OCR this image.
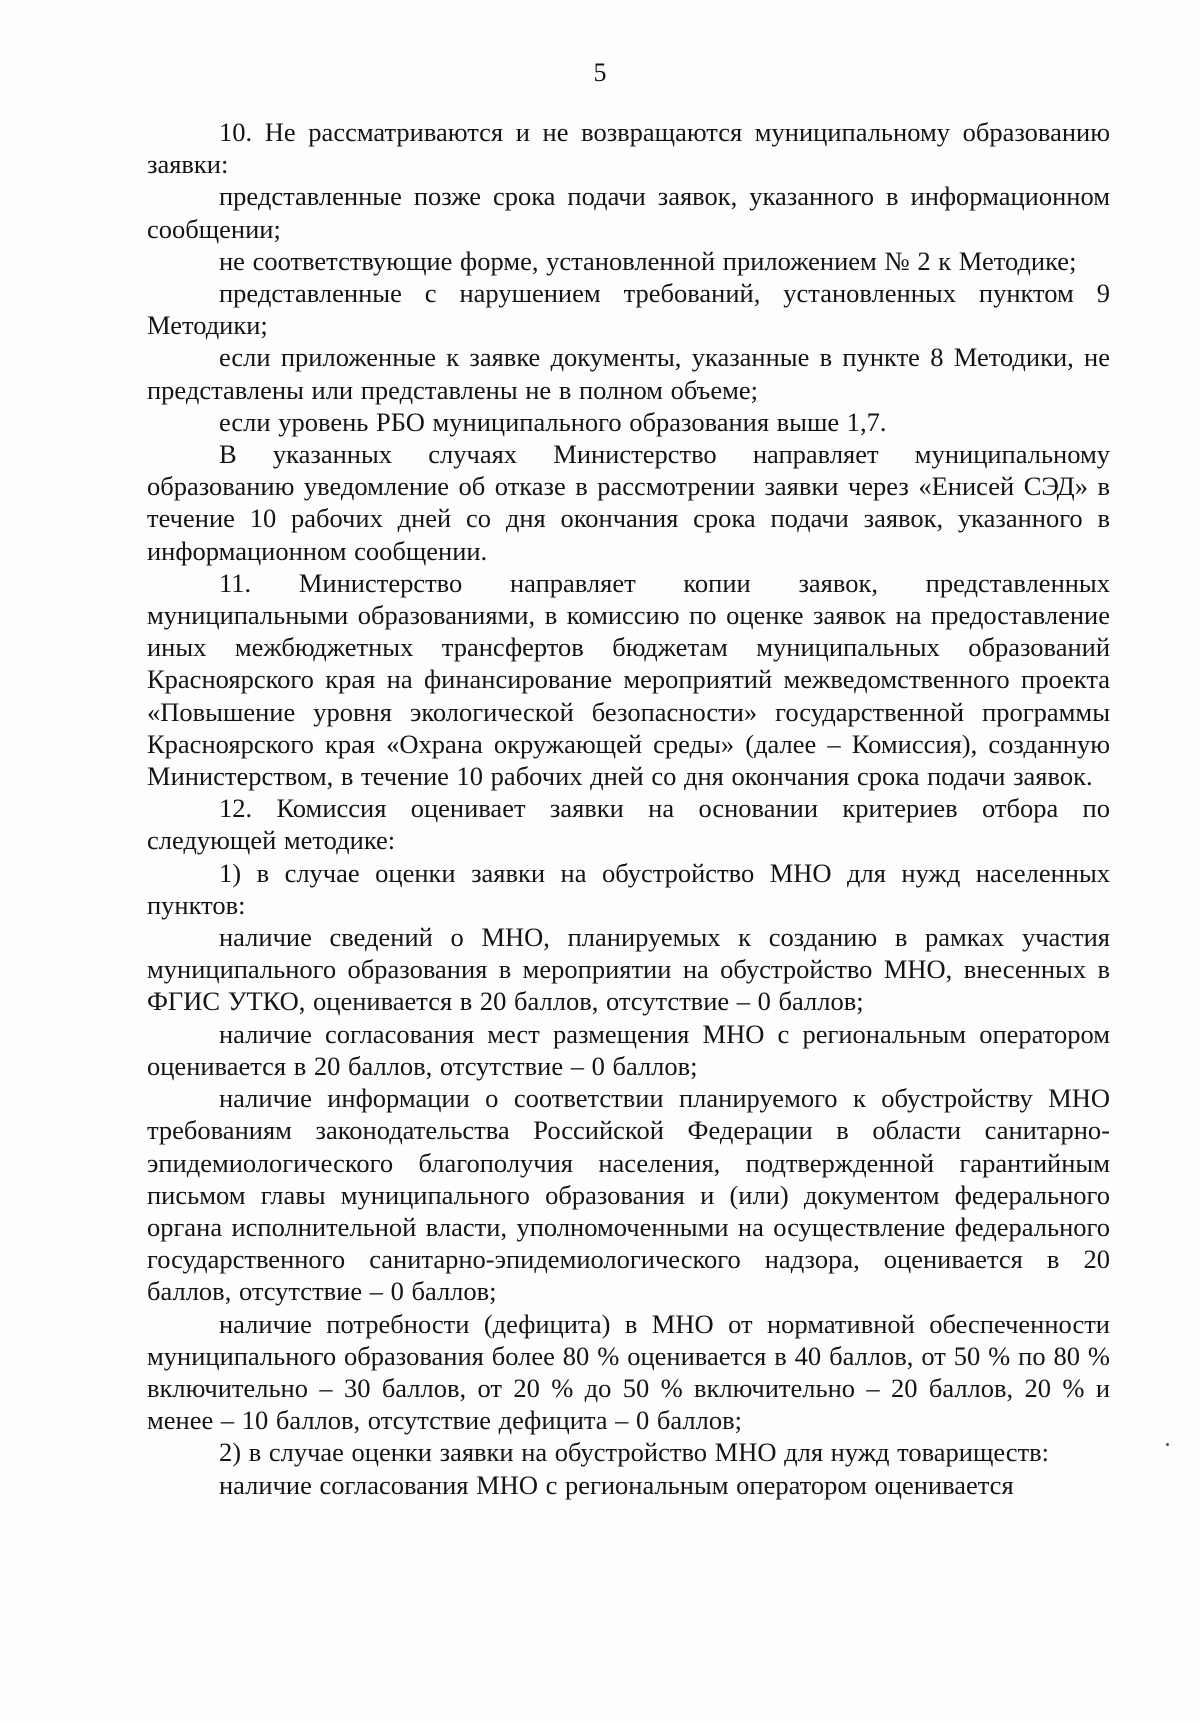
5

10. Не рассматриваются и не возвращаются муниципальному образованию заявки:

представленные позже срока подачи заявок, указанного в информационном сообщении;

не соответствующие форме, установленной приложением № 2 к Методике;

представленные с нарушением требований, установленных пунктом 9 Методики;

если приложенные к заявке документы, указанные в пункте 8 Методики, не представлены или представлены не в полном объеме;

если уровень РБО муниципального образования выше 1,7.

В указанных случаях Министерство направляет муниципальному образованию уведомление об отказе в рассмотрении заявки через «Енисей СЭД» в течение 10 рабочих дней со дня окончания срока подачи заявок, указанного в информационном сообщении.

11. Министерство направляет копии заявок, представленных муниципальными образованиями, в комиссию по оценке заявок на предоставление иных межбюджетных трансфертов бюджетам муниципальных образований Красноярского края на финансирование мероприятий межведомственного проекта «Повышение уровня экологической безопасности» государственной программы Красноярского края «Охрана окружающей среды» (далее – Комиссия), созданную Министерством, в течение 10 рабочих дней со дня окончания срока подачи заявок.

12. Комиссия оценивает заявки на основании критериев отбора по следующей методике:

1) в случае оценки заявки на обустройство МНО для нужд населенных пунктов:

наличие сведений о МНО, планируемых к созданию в рамках участия муниципального образования в мероприятии на обустройство МНО, внесенных в ФГИС УТКО, оценивается в 20 баллов, отсутствие – 0 баллов;

наличие согласования мест размещения МНО с региональным оператором оценивается в 20 баллов, отсутствие – 0 баллов;

наличие информации о соответствии планируемого к обустройству МНО требованиям законодательства Российской Федерации в области санитарно-эпидемиологического благополучия населения, подтвержденной гарантийным письмом главы муниципального образования и (или) документом федерального органа исполнительной власти, уполномоченными на осуществление федерального государственного санитарно-эпидемиологического надзора, оценивается в 20 баллов, отсутствие – 0 баллов;

наличие потребности (дефицита) в МНО от нормативной обеспеченности муниципального образования более 80 % оценивается в 40 баллов, от 50 % по 80 % включительно – 30 баллов, от 20 % до 50 % включительно – 20 баллов, 20 % и менее – 10 баллов, отсутствие дефицита – 0 баллов;

2) в случае оценки заявки на обустройство МНО для нужд товариществ:

наличие согласования МНО с региональным оператором оценивается
